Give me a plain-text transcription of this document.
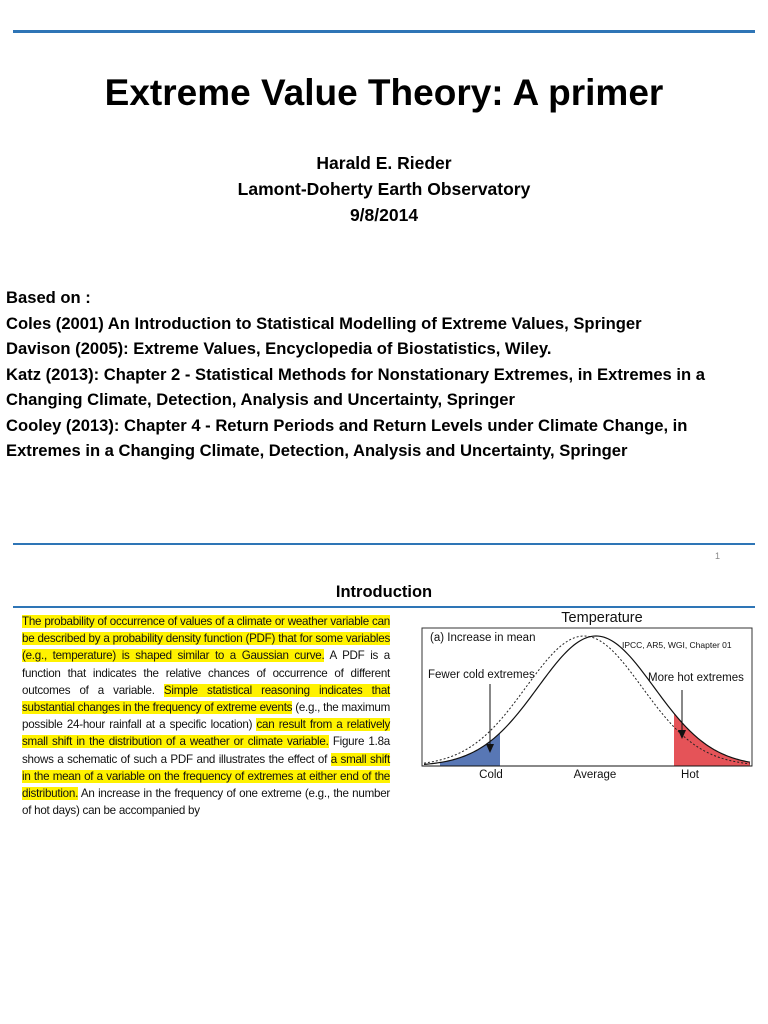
Extreme Value Theory: A primer
Harald E. Rieder
Lamont-Doherty Earth Observatory
9/8/2014
Based on :
Coles (2001) An Introduction to Statistical Modelling of Extreme Values, Springer
Davison (2005): Extreme Values, Encyclopedia of Biostatistics, Wiley.
Katz (2013): Chapter 2 - Statistical Methods for Nonstationary Extremes, in Extremes in a Changing Climate, Detection, Analysis and Uncertainty, Springer
Cooley (2013): Chapter 4 - Return Periods and Return Levels under Climate Change, in Extremes in a Changing Climate, Detection, Analysis and Uncertainty, Springer
1
Introduction
The probability of occurrence of values of a climate or weather variable can be described by a probability density function (PDF) that for some variables (e.g., temperature) is shaped similar to a Gaussian curve. A PDF is a function that indicates the relative chances of occurrence of different outcomes of a variable. Simple statistical reasoning indicates that substantial changes in the frequency of extreme events (e.g., the maximum possible 24-hour rainfall at a specific location) can result from a relatively small shift in the distribution of a weather or climate variable. Figure 1.8a shows a schematic of such a PDF and illustrates the effect of a small shift in the mean of a variable on the frequency of extremes at either end of the distribution. An increase in the frequency of one extreme (e.g., the number of hot days) can be accompanied by
Temperature
(a) Increase in mean
IPCC, AR5, WGI, Chapter 01
Fewer cold extremes	More hot extremes
Cold	Average	Hot
